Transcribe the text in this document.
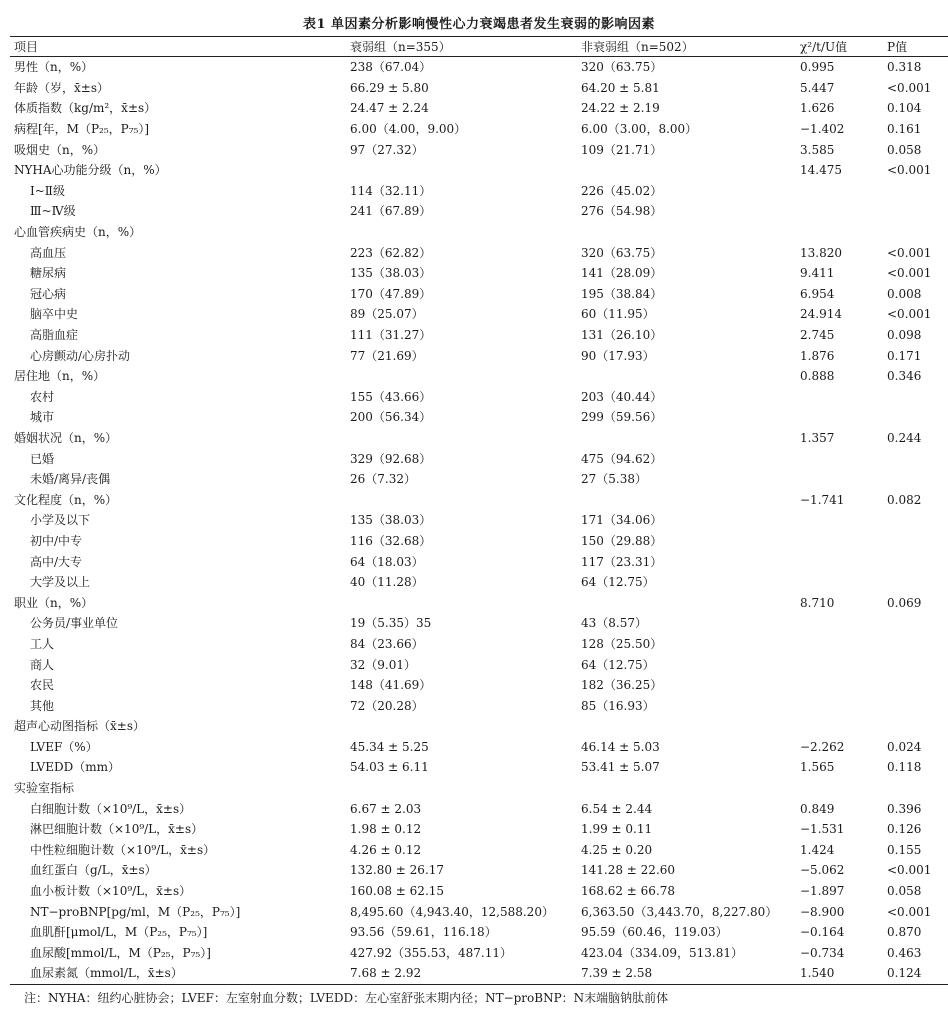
表1 单因素分析影响慢性心力衰竭患者发生衰弱的影响因素
项目	衰弱组（n=355）	非衰弱组（n=502）	χ²/t/U值	P值
男性（n，%）	238（67.04）	320（63.75）	0.995	0.318
年龄（岁，x̄±s）	66.29 ± 5.80	64.20 ± 5.81	5.447	<0.001
体质指数（kg/m²，x̄±s）	24.47 ± 2.24	24.22 ± 2.19	1.626	0.104
病程[年，M（P₂₅，P₇₅）]	6.00（4.00，9.00）	6.00（3.00，8.00）	−1.402	0.161
吸烟史（n，%）	97（27.32）	109（21.71）	3.585	0.058
NYHA心功能分级（n，%）			14.475	<0.001
Ⅰ~Ⅱ级	114（32.11）	226（45.02）		
Ⅲ~Ⅳ级	241（67.89）	276（54.98）		
心血管疾病史（n，%）				
高血压	223（62.82）	320（63.75）	13.820	<0.001
糖尿病	135（38.03）	141（28.09）	9.411	<0.001
冠心病	170（47.89）	195（38.84）	6.954	0.008
脑卒中史	89（25.07）	60（11.95）	24.914	<0.001
高脂血症	111（31.27）	131（26.10）	2.745	0.098
心房颤动/心房扑动	77（21.69）	90（17.93）	1.876	0.171
居住地（n，%）			0.888	0.346
农村	155（43.66）	203（40.44）		
城市	200（56.34）	299（59.56）		
婚姻状况（n，%）			1.357	0.244
已婚	329（92.68）	475（94.62）		
未婚/离异/丧偶	26（7.32）	27（5.38）		
文化程度（n，%）			−1.741	0.082
小学及以下	135（38.03）	171（34.06）		
初中/中专	116（32.68）	150（29.88）		
高中/大专	64（18.03）	117（23.31）		
大学及以上	40（11.28）	64（12.75）		
职业（n，%）			8.710	0.069
公务员/事业单位	19（5.35）35	43（8.57）		
工人	84（23.66）	128（25.50）		
商人	32（9.01）	64（12.75）		
农民	148（41.69）	182（36.25）		
其他	72（20.28）	85（16.93）		
超声心动图指标（x̄±s）				
LVEF（%）	45.34 ± 5.25	46.14 ± 5.03	−2.262	0.024
LVEDD（mm）	54.03 ± 6.11	53.41 ± 5.07	1.565	0.118
实验室指标				
白细胞计数（×10⁹/L，x̄±s）	6.67 ± 2.03	6.54 ± 2.44	0.849	0.396
淋巴细胞计数（×10⁹/L，x̄±s）	1.98 ± 0.12	1.99 ± 0.11	−1.531	0.126
中性粒细胞计数（×10⁹/L，x̄±s）	4.26 ± 0.12	4.25 ± 0.20	1.424	0.155
血红蛋白（g/L，x̄±s）	132.80 ± 26.17	141.28 ± 22.60	−5.062	<0.001
血小板计数（×10⁹/L，x̄±s）	160.08 ± 62.15	168.62 ± 66.78	−1.897	0.058
NT−proBNP[pg/ml，M（P₂₅，P₇₅）]	8,495.60（4,943.40，12,588.20）	6,363.50（3,443.70，8,227.80）	−8.900	<0.001
血肌酐[μmol/L，M（P₂₅，P₇₅）]	93.56（59.61，116.18）	95.59（60.46，119.03）	−0.164	0.870
血尿酸[mmol/L，M（P₂₅，P₇₅）]	427.92（355.53，487.11）	423.04（334.09，513.81）	−0.734	0.463
血尿素氮（mmol/L，x̄±s）	7.68 ± 2.92	7.39 ± 2.58	1.540	0.124
注：NYHA：纽约心脏协会；LVEF：左室射血分数；LVEDD：左心室舒张末期内径；NT−proBNP：N末端脑钠肽前体
